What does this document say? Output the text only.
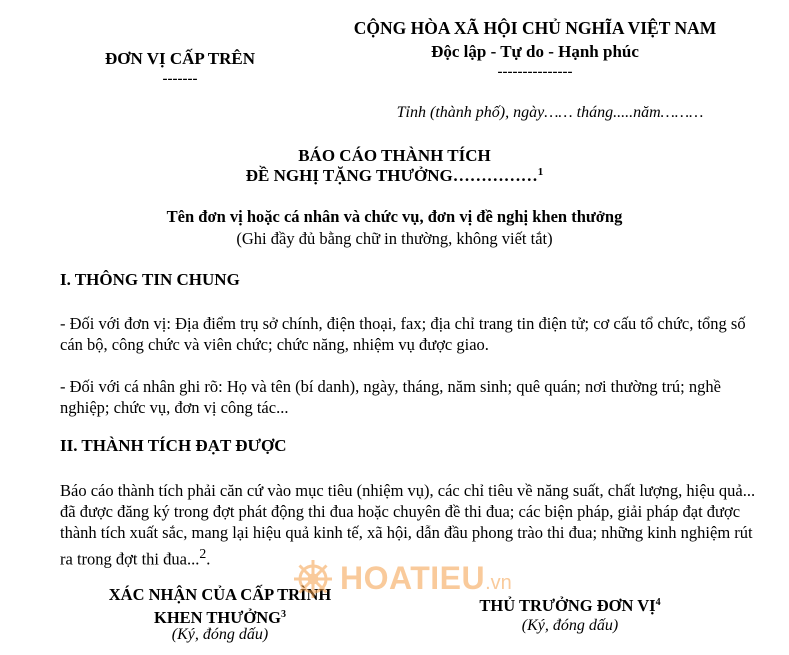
ĐƠN VỊ CẤP TRÊN
-------
CỘNG HÒA XÃ HỘI CHỦ NGHĨA VIỆT NAM
Độc lập - Tự do - Hạnh phúc
---------------
Tỉnh (thành phố), ngày…… tháng.....năm………
BÁO CÁO THÀNH TÍCH
ĐỀ NGHỊ TẶNG THƯỞNG……………$^1$
Tên đơn vị hoặc cá nhân và chức vụ, đơn vị đề nghị khen thưởng
(Ghi đầy đủ bằng chữ in thường, không viết tắt)
I. THÔNG TIN CHUNG
- Đối với đơn vị: Địa điểm trụ sở chính, điện thoại, fax; địa chỉ trang tin điện tử; cơ cấu tổ chức, tổng số cán bộ, công chức và viên chức; chức năng, nhiệm vụ được giao.
- Đối với cá nhân ghi rõ: Họ và tên (bí danh), ngày, tháng, năm sinh; quê quán; nơi thường trú; nghề nghiệp; chức vụ, đơn vị công tác...
II. THÀNH TÍCH ĐẠT ĐƯỢC
Báo cáo thành tích phải căn cứ vào mục tiêu (nhiệm vụ), các chỉ tiêu về năng suất, chất lượng, hiệu quả... đã được đăng ký trong đợt phát động thi đua hoặc chuyên đề thi đua; các biện pháp, giải pháp đạt được thành tích xuất sắc, mang lại hiệu quả kinh tế, xã hội, dẫn đầu phong trào thi đua; những kinh nghiệm rút ra trong đợt thi đua...$^2$.
XÁC NHẬN CỦA CẤP TRÌNH
KHEN THƯỞNG$^3$
(Ký, đóng dấu)
THỦ TRƯỞNG ĐƠN VỊ$^4$
(Ký, đóng dấu)
HOATIEU.vn
